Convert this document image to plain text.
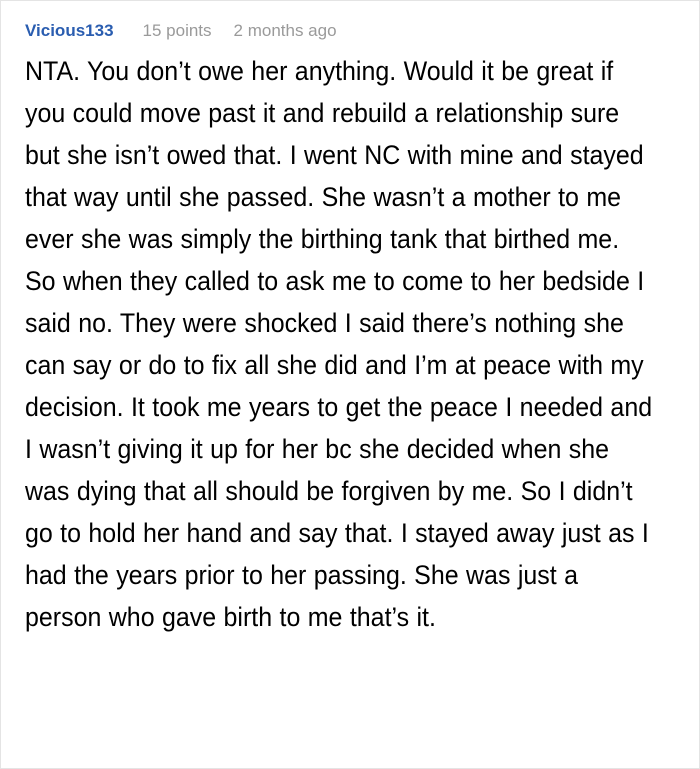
Vicious133 15 points 2 months ago

NTA. You don’t owe her anything. Would it be great if you could move past it and rebuild a relationship sure but she isn’t owed that. I went NC with mine and stayed that way until she passed. She wasn’t a mother to me ever she was simply the birthing tank that birthed me. So when they called to ask me to come to her bedside I said no. They were shocked I said there’s nothing she can say or do to fix all she did and I’m at peace with my decision. It took me years to get the peace I needed and I wasn’t giving it up for her bc she decided when she was dying that all should be forgiven by me. So I didn’t go to hold her hand and say that. I stayed away just as I had the years prior to her passing. She was just a person who gave birth to me that’s it.
